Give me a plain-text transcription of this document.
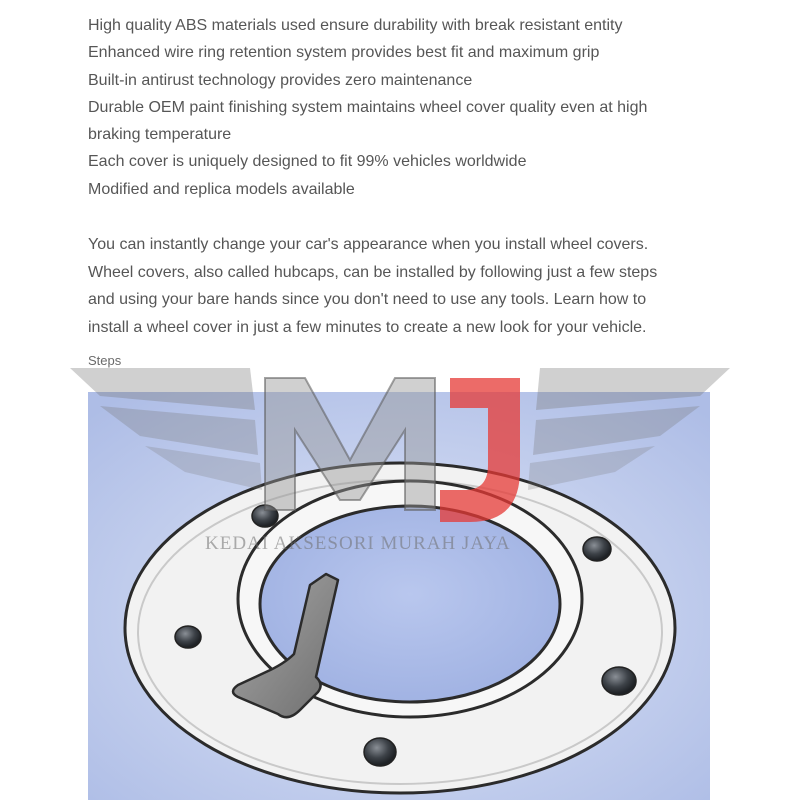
High quality ABS materials used ensure durability with break resistant entity
Enhanced wire ring retention system provides best fit and maximum grip
Built-in antirust technology provides zero maintenance
Durable OEM paint finishing system maintains wheel cover quality even at high
braking temperature
Each cover is uniquely designed to fit 99% vehicles worldwide
Modified and replica models available
You can instantly change your car's appearance when you install wheel covers.
Wheel covers, also called hubcaps, can be installed by following just a few steps
and using your bare hands since you don't need to use any tools. Learn how to
install a wheel cover in just a few minutes to create a new look for your vehicle.
Steps
KEDAI AKSESORI MURAH JAYA
